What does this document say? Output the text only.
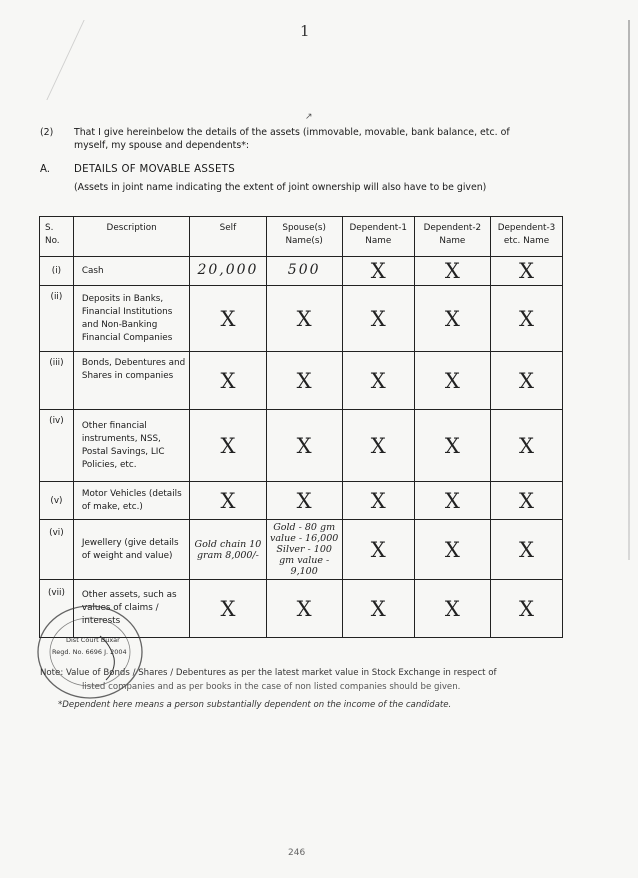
1
↗
(2) That I give hereinbelow the details of the assets (immovable, movable, bank balance, etc. of
myself, my spouse and dependents*:
A. DETAILS OF MOVABLE ASSETS
(Assets in joint name indicating the extent of joint ownership will also have to be given)
S. No.	Description	Self	Spouse(s) Name(s)	Dependent-1 Name	Dependent-2 Name	Dependent-3 etc. Name
(i)	Cash	20,000	500	X	X	X
(ii)	Deposits in Banks, Financial Institutions and Non-Banking Financial Companies	X	X	X	X	X
(iii)	Bonds, Debentures and Shares in companies	X	X	X	X	X
(iv)	Other financial instruments, NSS, Postal Savings, LIC Policies, etc.	X	X	X	X	X
(v)	Motor Vehicles (details of make, etc.)	X	X	X	X	X
(vi)	Jewellery (give details of weight and value)	Gold chain 10 gram 8,000/-	Gold - 80 gm value - 16,000 Silver - 100 gm value - 9,100	X	X	X
(vii)	Other assets, such as values of claims / interests	X	X	X	X	X
Dist Court Buxar
Regd. No. 6696 J. 2004
Note: Value of Bonds / Shares / Debentures as per the latest market value in Stock Exchange in respect of
listed companies and as per books in the case of non listed companies should be given.
*Dependent here means a person substantially dependent on the income of the candidate.
246
